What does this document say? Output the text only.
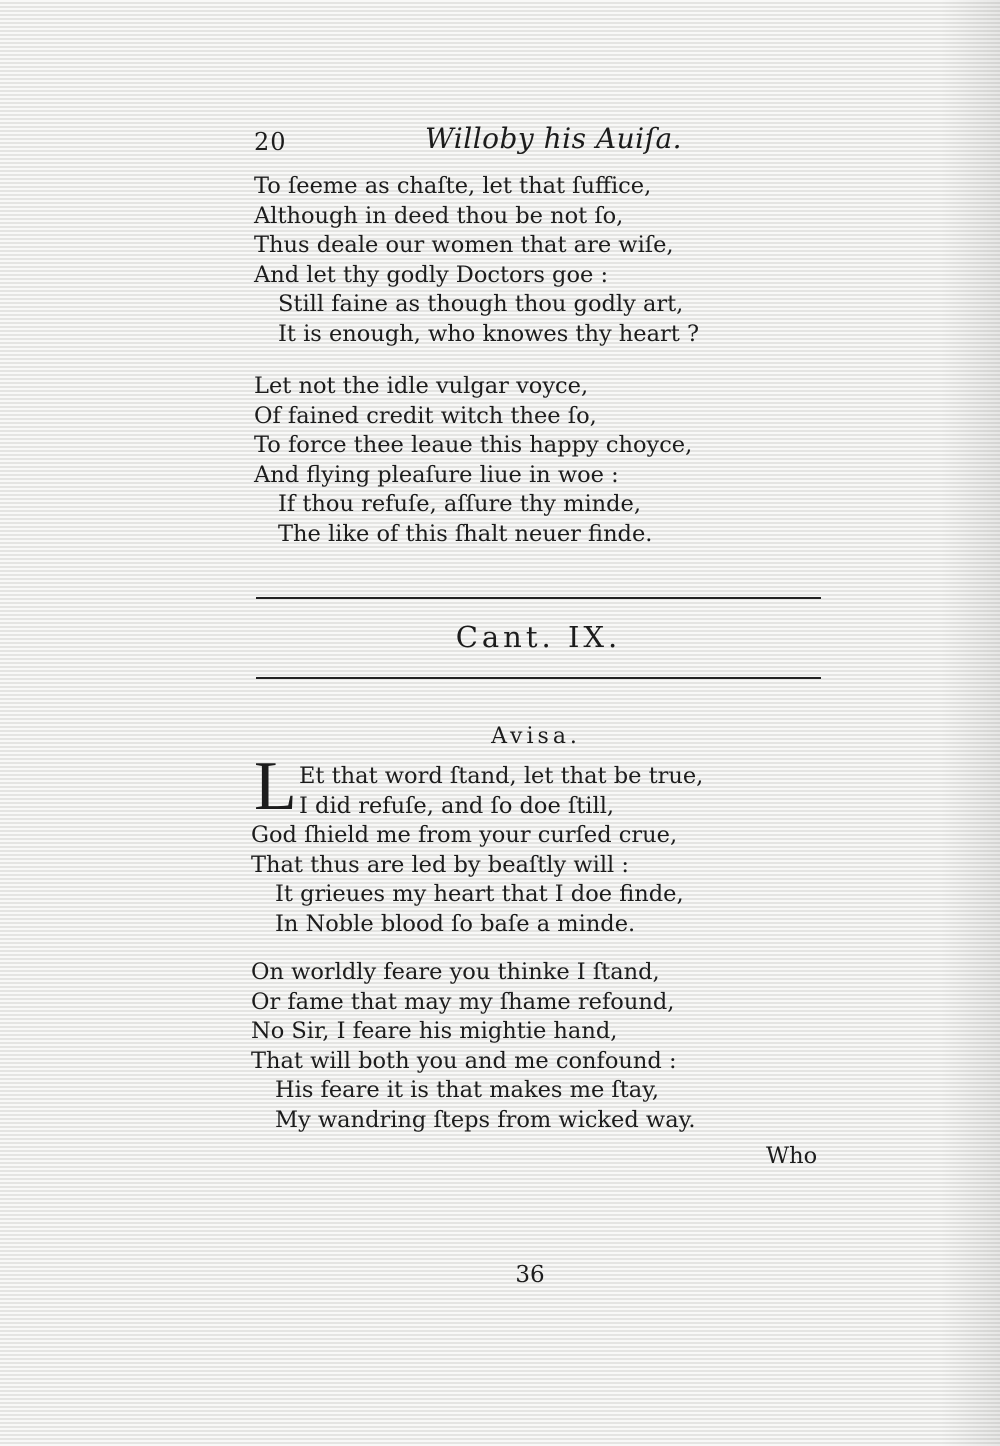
20	Willoby his Auiſa.
To ſeeme as chaſte, let that ſuffice,
Although in deed thou be not ſo,
Thus deale our women that are wiſe,
And let thy godly Doctors goe :
Still faine as though thou godly art,
It is enough, who knowes thy heart ?
Let not the idle vulgar voyce,
Of fained credit witch thee ſo,
To force thee leaue this happy choyce,
And flying pleaſure liue in woe :
If thou refuſe, aſſure thy minde,
The like of this ſhalt neuer finde.
Cant. IX.
Avisa.
L Et that word ſtand, let that be true,
I did refuſe, and ſo doe ſtill,
God ſhield me from your curſed crue,
That thus are led by beaſtly will :
It grieues my heart that I doe finde,
In Noble blood ſo baſe a minde.
On worldly feare you thinke I ſtand,
Or fame that may my ſhame refound,
No Sir, I feare his mightie hand,
That will both you and me confound :
His feare it is that makes me ſtay,
My wandring ſteps from wicked way.
Who
36
